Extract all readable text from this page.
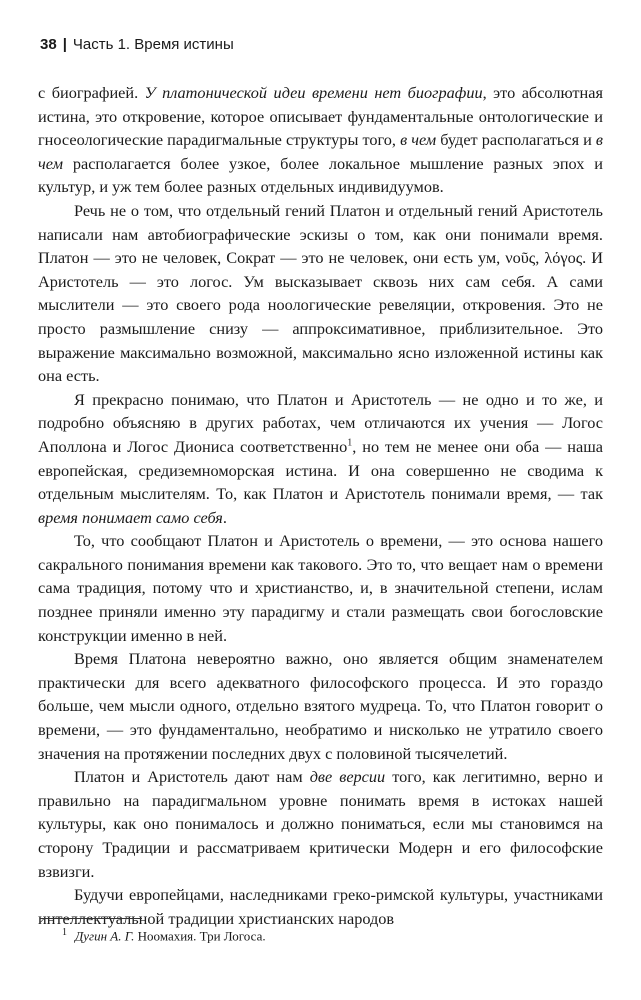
38 | Часть 1. Время истины

с биографией. У платонической идеи времени нет биографии, это абсолютная истина, это откровение, которое описывает фундаментальные онтологические и гносеологические парадигмальные структуры того, в чем будет располагаться и в чем располагается более узкое, более локальное мышление разных эпох и культур, и уж тем более разных отдельных индивидуумов.

Речь не о том, что отдельный гений Платон и отдельный гений Аристотель написали нам автобиографические эскизы о том, как они понимали время. Платон — это не человек, Сократ — это не человек, они есть ум, νοῦς, λόγος. И Аристотель — это логос. Ум высказывает сквозь них сам себя. А сами мыслители — это своего рода ноологические ревеляции, откровения. Это не просто размышление снизу — аппроксимативное, приблизительное. Это выражение максимально возможной, максимально ясно изложенной истины как она есть.

Я прекрасно понимаю, что Платон и Аристотель — не одно и то же, и подробно объясняю в других работах, чем отличаются их учения — Логос Аполлона и Логос Диониса соответственно$^1$, но тем не менее они оба — наша европейская, средиземноморская истина. И она совершенно не сводима к отдельным мыслителям. То, как Платон и Аристотель понимали время, — так время понимает само себя.

То, что сообщают Платон и Аристотель о времени, — это основа нашего сакрального понимания времени как такового. Это то, что вещает нам о времени сама традиция, потому что и христианство, и, в значительной степени, ислам позднее приняли именно эту парадигму и стали размещать свои богословские конструкции именно в ней.

Время Платона невероятно важно, оно является общим знаменателем практически для всего адекватного философского процесса. И это гораздо больше, чем мысли одного, отдельно взятого мудреца. То, что Платон говорит о времени, — это фундаментально, необратимо и нисколько не утратило своего значения на протяжении последних двух с половиной тысячелетий.

Платон и Аристотель дают нам две версии того, как легитимно, верно и правильно на парадигмальном уровне понимать время в истоках нашей культуры, как оно понималось и должно пониматься, если мы становимся на сторону Традиции и рассматриваем критически Модерн и его философские взвизги.

Будучи европейцами, наследниками греко-римской культуры, участниками интеллектуальной традиции христианских народов

$^1$ Дугин А. Г. Ноомахия. Три Логоса.
